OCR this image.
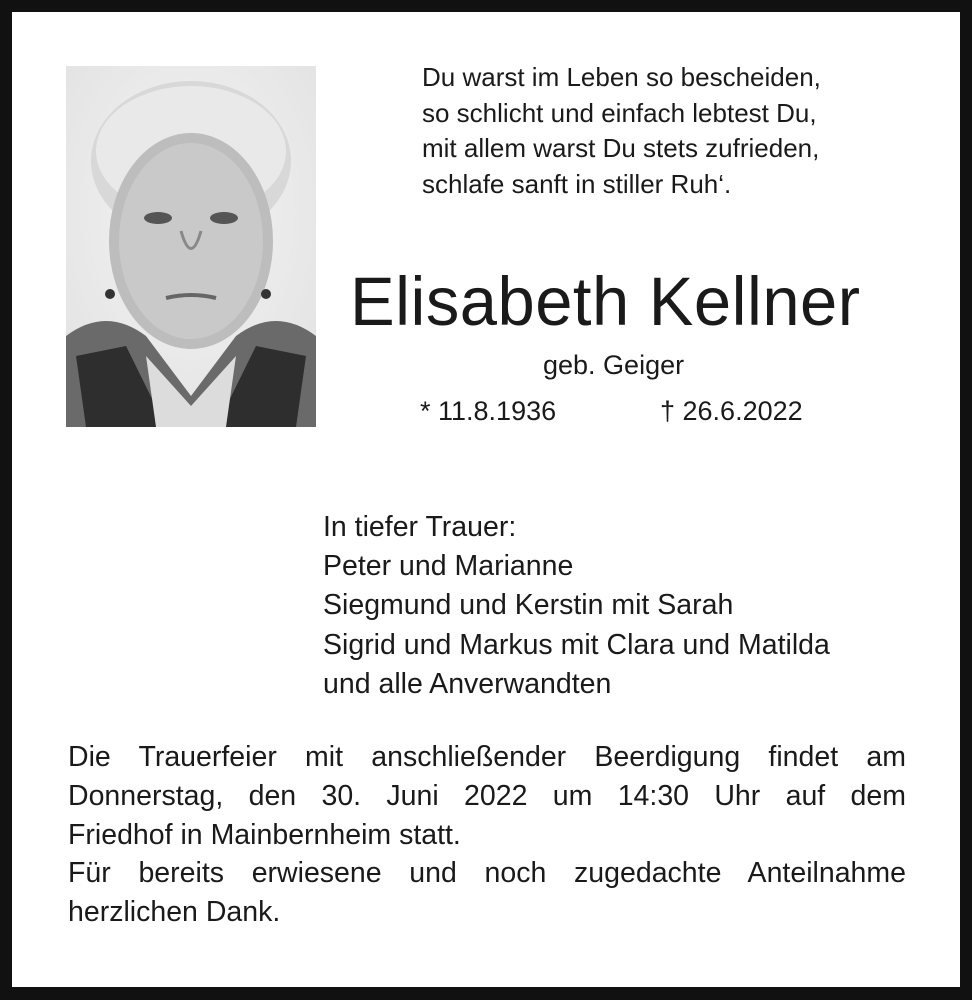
Du warst im Leben so bescheiden,
so schlicht und einfach lebtest Du,
mit allem warst Du stets zufrieden,
schlafe sanft in stiller Ruh‘.
Elisabeth Kellner
geb. Geiger
* 11.8.1936	† 26.6.2022
In tiefer Trauer:
Peter und Marianne
Siegmund und Kerstin mit Sarah
Sigrid und Markus mit Clara und Matilda
und alle Anverwandten
Die Trauerfeier mit anschließender Beerdigung findet am
Donnerstag, den 30. Juni 2022 um 14:30 Uhr auf dem
Friedhof in Mainbernheim statt.
Für bereits erwiesene und noch zugedachte Anteilnahme
herzlichen Dank.
